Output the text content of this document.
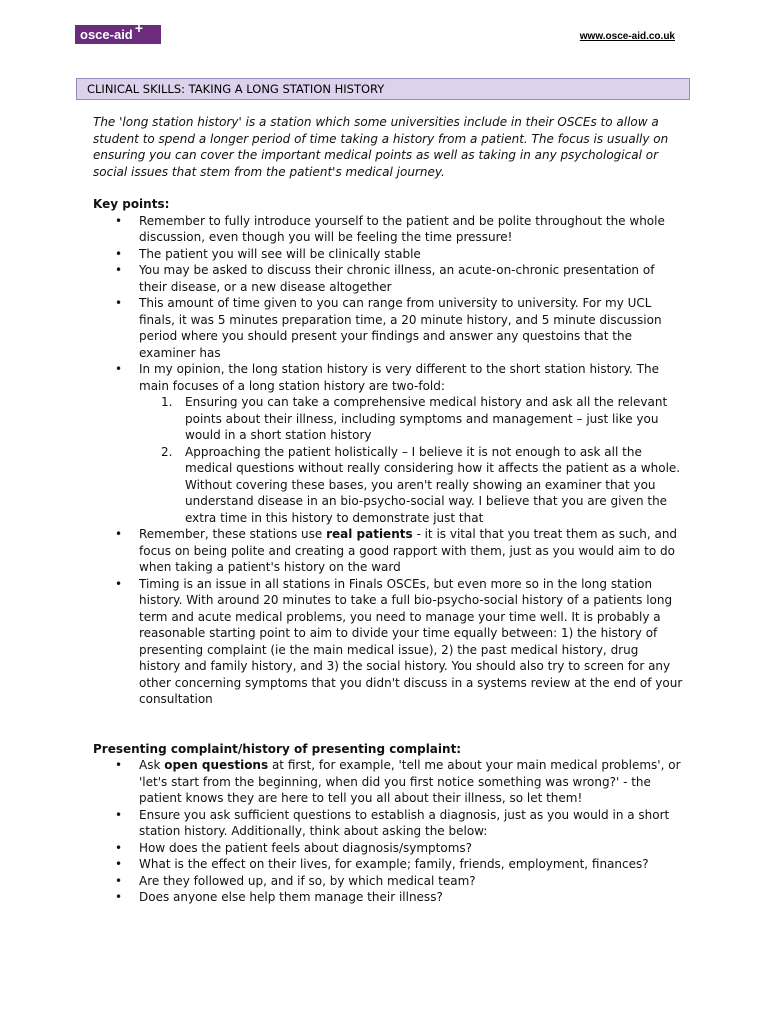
osce-aid +
www.osce-aid.co.uk
CLINICAL SKILLS: TAKING A LONG STATION HISTORY

The 'long station history' is a station which some universities include in their OSCEs to allow a student to spend a longer period of time taking a history from a patient. The focus is usually on ensuring you can cover the important medical points as well as taking in any psychological or social issues that stem from the patient's medical journey.

Key points:

• Remember to fully introduce yourself to the patient and be polite throughout the whole discussion, even though you will be feeling the time pressure!
• The patient you will see will be clinically stable
• You may be asked to discuss their chronic illness, an acute-on-chronic presentation of their disease, or a new disease altogether
• This amount of time given to you can range from university to university. For my UCL finals, it was 5 minutes preparation time, a 20 minute history, and 5 minute discussion period where you should present your findings and answer any questoins that the examiner has
• In my opinion, the long station history is very different to the short station history. The main focuses of a long station history are two-fold:
1. Ensuring you can take a comprehensive medical history and ask all the relevant points about their illness, including symptoms and management – just like you would in a short station history
2. Approaching the patient holistically – I believe it is not enough to ask all the medical questions without really considering how it affects the patient as a whole. Without covering these bases, you aren't really showing an examiner that you understand disease in an bio-psycho-social way. I believe that you are given the extra time in this history to demonstrate just that
• Remember, these stations use real patients - it is vital that you treat them as such, and focus on being polite and creating a good rapport with them, just as you would aim to do when taking a patient's history on the ward
• Timing is an issue in all stations in Finals OSCEs, but even more so in the long station history. With around 20 minutes to take a full bio-psycho-social history of a patients long term and acute medical problems, you need to manage your time well. It is probably a reasonable starting point to aim to divide your time equally between: 1) the history of presenting complaint (ie the main medical issue), 2) the past medical history, drug history and family history, and 3) the social history. You should also try to screen for any other concerning symptoms that you didn't discuss in a systems review at the end of your consultation

Presenting complaint/history of presenting complaint:

• Ask open questions at first, for example, 'tell me about your main medical problems', or 'let's start from the beginning, when did you first notice something was wrong?' - the patient knows they are here to tell you all about their illness, so let them!
• Ensure you ask sufficient questions to establish a diagnosis, just as you would in a short station history. Additionally, think about asking the below:
• How does the patient feels about diagnosis/symptoms?
• What is the effect on their lives, for example; family, friends, employment, finances?
• Are they followed up, and if so, by which medical team?
• Does anyone else help them manage their illness?
